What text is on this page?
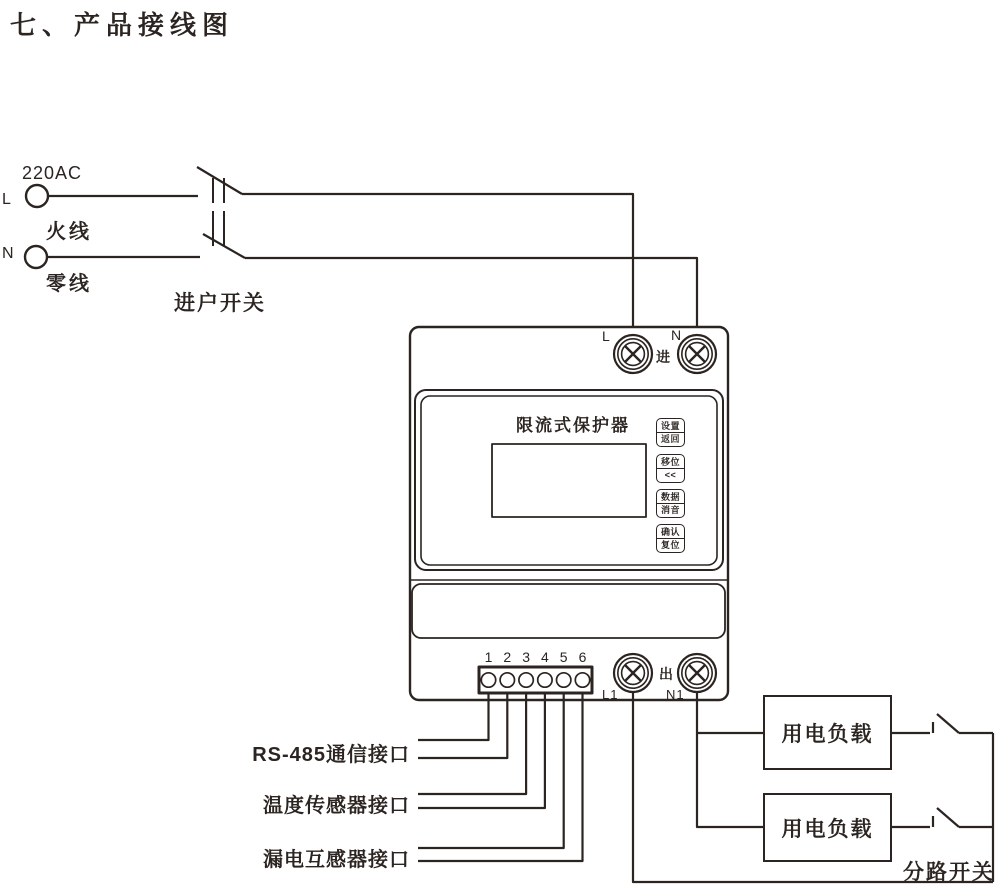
七、产品接线图
220AC
L
N
火线
零线
进户开关
限流式保护器
L	N
进
出
L1	N1
设置
返回
移位
<<
数据
消音
确认
复位
1 2 3 4 5 6
RS-485通信接口
温度传感器接口
漏电互感器接口
用电负载
用电负载
分路开关
